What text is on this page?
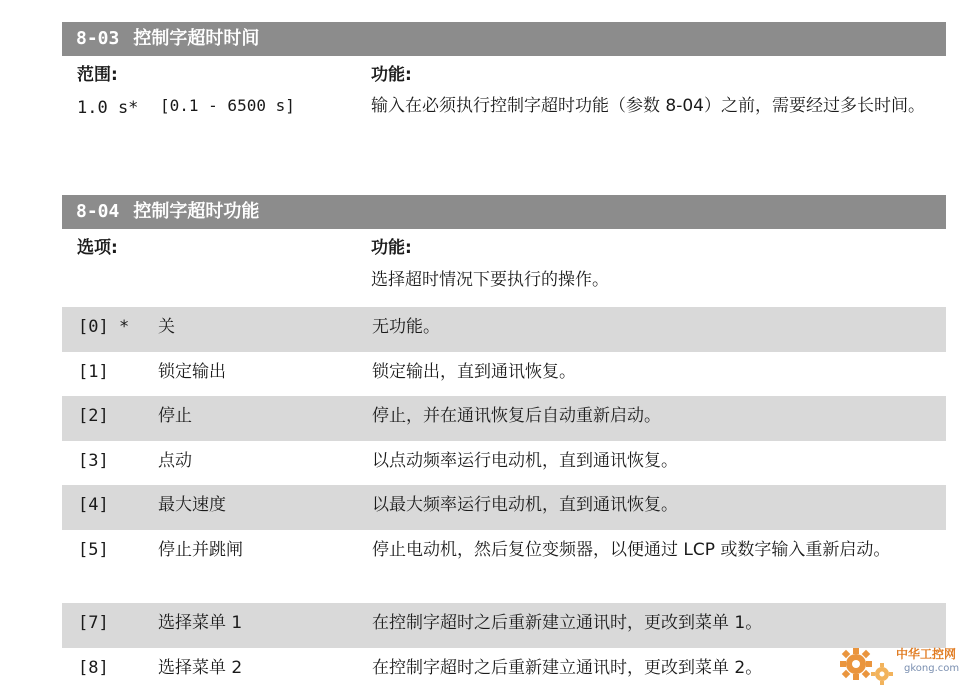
8-03 控制字超时时间
范围:	功能:
1.0 s* [0.1 - 6500 s]	输入在必须执行控制字超时功能（参数 8-04）之前，需要经过多长时间。
8-04 控制字超时功能
选项:	功能:
选择超时情况下要执行的操作。
[0] * 关	无功能。
[1]	锁定输出	锁定输出，直到通讯恢复。
[2]	停止	停止，并在通讯恢复后自动重新启动。
[3]	点动	以点动频率运行电动机，直到通讯恢复。
[4]	最大速度	以最大频率运行电动机，直到通讯恢复。
[5]	停止并跳闸	停止电动机，然后复位变频器，以便通过 LCP 或数字输入重新启动。
[7]	选择菜单 1	在控制字超时之后重新建立通讯时，更改到菜单 1。
[8]	选择菜单 2	在控制字超时之后重新建立通讯时，更改到菜单 2。
中华工控网
gkong.com
